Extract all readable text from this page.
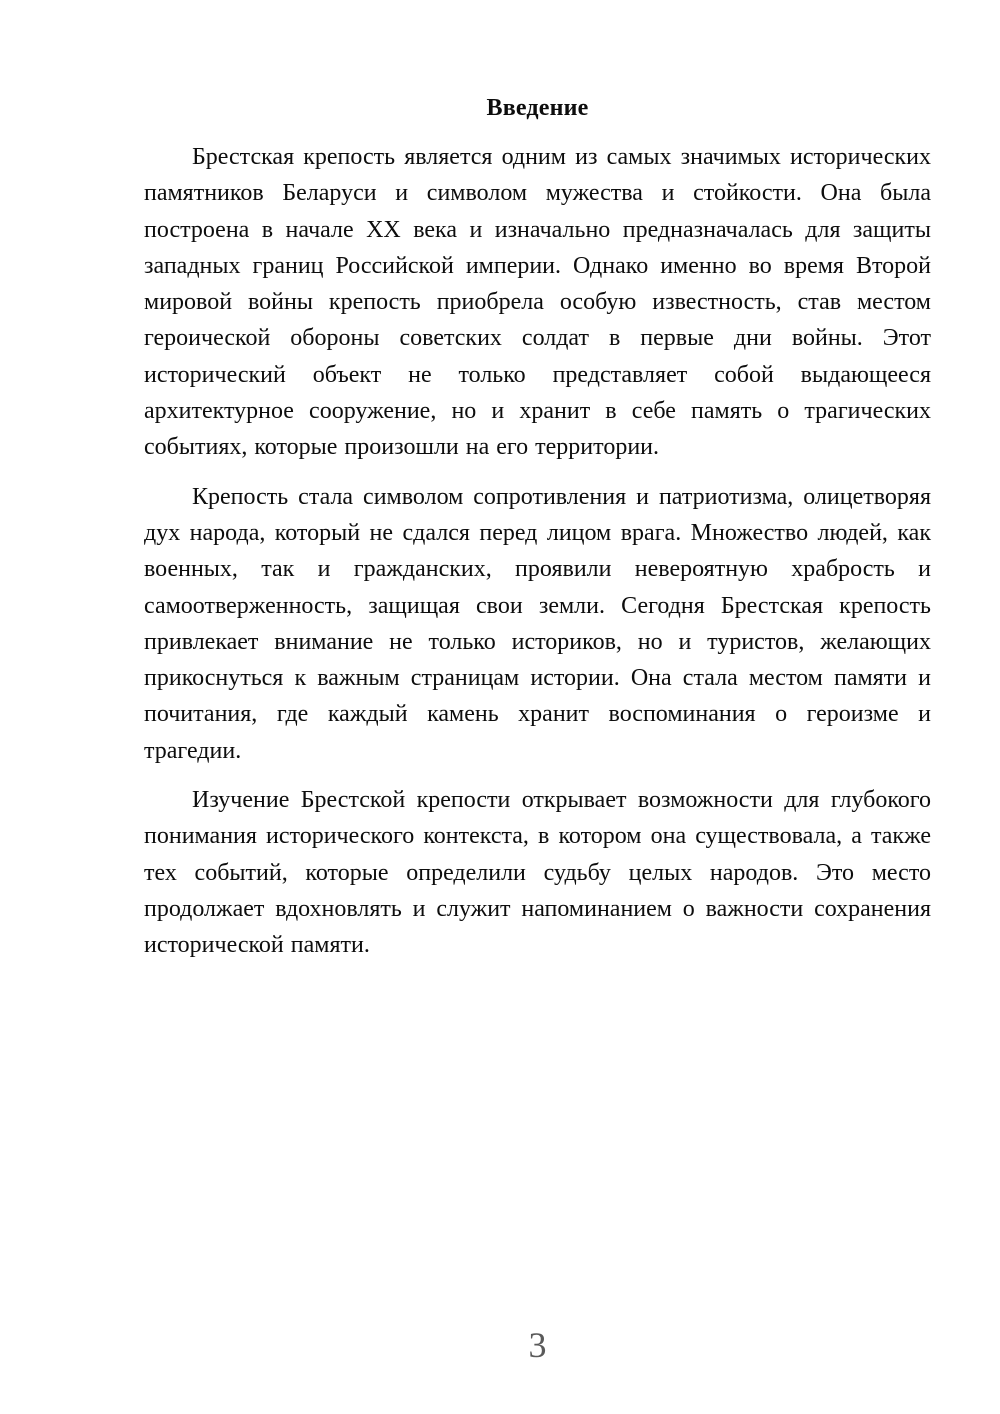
Введение

Брестская крепость является одним из самых значимых исторических памятников Беларуси и символом мужества и стойкости. Она была построена в начале XX века и изначально предназначалась для защиты западных границ Российской империи. Однако именно во время Второй мировой войны крепость приобрела особую известность, став местом героической обороны советских солдат в первые дни войны. Этот исторический объект не только представляет собой выдающееся архитектурное сооружение, но и хранит в себе память о трагических событиях, которые произошли на его территории.

Крепость стала символом сопротивления и патриотизма, олицетворяя дух народа, который не сдался перед лицом врага. Множество людей, как военных, так и гражданских, проявили невероятную храбрость и самоотверженность, защищая свои земли. Сегодня Брестская крепость привлекает внимание не только историков, но и туристов, желающих прикоснуться к важным страницам истории. Она стала местом памяти и почитания, где каждый камень хранит воспоминания о героизме и трагедии.

Изучение Брестской крепости открывает возможности для глубокого понимания исторического контекста, в котором она существовала, а также тех событий, которые определили судьбу целых народов. Это место продолжает вдохновлять и служит напоминанием о важности сохранения исторической памяти.

3
